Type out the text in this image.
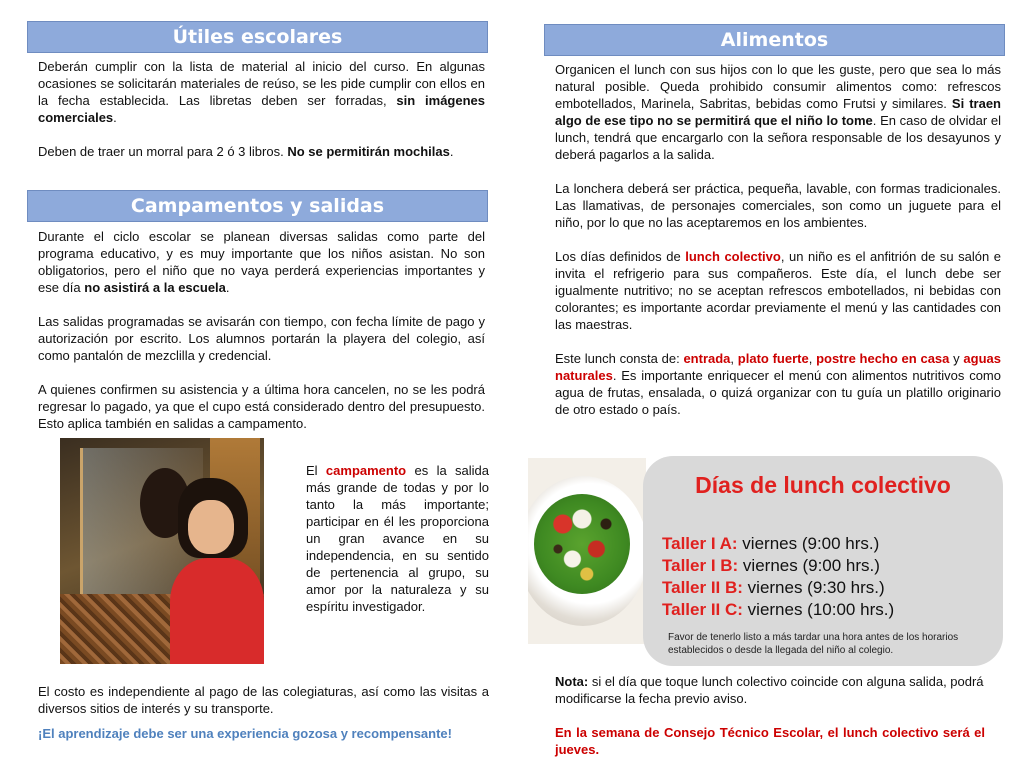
Útiles escolares

Deberán cumplir con la lista de material al inicio del curso. En algunas ocasiones se solicitarán materiales de reúso, se les pide cumplir con ellos en la fecha establecida. Las libretas deben ser forradas, sin imágenes comerciales.

Deben de traer un morral para 2 ó 3 libros. No se permitirán mochilas.

Campamentos y salidas

Durante el ciclo escolar se planean diversas salidas como parte del programa educativo, y es muy importante que los niños asistan. No son obligatorios, pero el niño que no vaya perderá experiencias importantes y ese día no asistirá a la escuela.

Las salidas programadas se avisarán con tiempo, con fecha límite de pago y autorización por escrito. Los alumnos portarán la playera del colegio, así como pantalón de mezclilla y credencial.

A quienes confirmen su asistencia y a última hora cancelen, no se les podrá regresar lo pagado, ya que el cupo está considerado dentro del presupuesto. Esto aplica también en salidas a campamento.

El campamento es la salida más grande de todas y por lo tanto la más importante; participar en él les proporciona un gran avance en su independencia, en su sentido de pertenencia al grupo, su amor por la naturaleza y su espíritu investigador.

El costo es independiente al pago de las colegiaturas, así como las visitas a diversos sitios de interés y su transporte.
¡El aprendizaje debe ser una experiencia gozosa y recompensante!
Alimentos

Organicen el lunch con sus hijos con lo que les guste, pero que sea lo más natural posible. Queda prohibido consumir alimentos como: refrescos embotellados, Marinela, Sabritas, bebidas como Frutsi y similares. Si traen algo de ese tipo no se permitirá que el niño lo tome. En caso de olvidar el lunch, tendrá que encargarlo con la señora responsable de los desayunos y deberá pagarlos a la salida.

La lonchera deberá ser práctica, pequeña, lavable, con formas tradicionales. Las llamativas, de personajes comerciales, son como un juguete para el niño, por lo que no las aceptaremos en los ambientes.

Los días definidos de lunch colectivo, un niño es el anfitrión de su salón e invita el refrigerio para sus compañeros. Este día, el lunch debe ser igualmente nutritivo; no se aceptan refrescos embotellados, ni bebidas con colorantes; es importante acordar previamente el menú y las cantidades con las maestras.

Este lunch consta de: entrada, plato fuerte, postre hecho en casa y aguas naturales. Es importante enriquecer el menú con alimentos nutritivos como agua de frutas, ensalada, o quizá organizar con tu guía un platillo originario de otro estado o país.

Días de lunch colectivo
Taller I A: viernes (9:00 hrs.)
Taller I B: viernes (9:00 hrs.)
Taller II B: viernes (9:30 hrs.)
Taller II C: viernes (10:00 hrs.)
Favor de tenerlo listo a más tardar una hora antes de los horarios establecidos o desde la llegada del niño al colegio.

Nota: si el día que toque lunch colectivo coincide con alguna salida, podrá modificarse la fecha previo aviso.

En la semana de Consejo Técnico Escolar, el lunch colectivo será el jueves.
